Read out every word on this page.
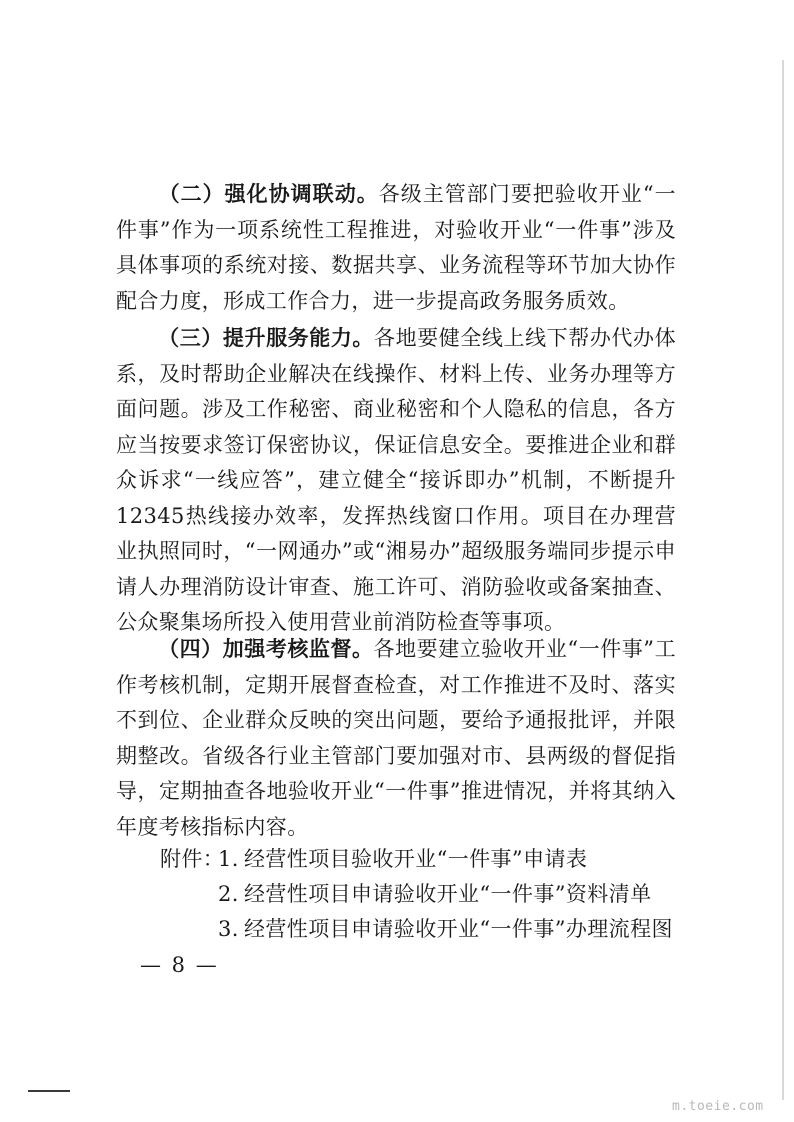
（二）强化协调联动。各级主管部门要把验收开业“一件事”作为一项系统性工程推进，对验收开业“一件事”涉及具体事项的系统对接、数据共享、业务流程等环节加大协作配合力度，形成工作合力，进一步提高政务服务质效。

（三）提升服务能力。各地要健全线上线下帮办代办体系，及时帮助企业解决在线操作、材料上传、业务办理等方面问题。涉及工作秘密、商业秘密和个人隐私的信息，各方应当按要求签订保密协议，保证信息安全。要推进企业和群众诉求“一线应答”，建立健全“接诉即办”机制，不断提升12345热线接办效率，发挥热线窗口作用。项目在办理营业执照同时，“一网通办”或“湘易办”超级服务端同步提示申请人办理消防设计审查、施工许可、消防验收或备案抽查、公众聚集场所投入使用营业前消防检查等事项。

（四）加强考核监督。各地要建立验收开业“一件事”工作考核机制，定期开展督查检查，对工作推进不及时、落实不到位、企业群众反映的突出问题，要给予通报批评，并限期整改。省级各行业主管部门要加强对市、县两级的督促指导，定期抽查各地验收开业“一件事”推进情况，并将其纳入年度考核指标内容。

附件：
1. 经营性项目验收开业“一件事”申请表
2. 经营性项目申请验收开业“一件事”资料清单
3. 经营性项目申请验收开业“一件事”办理流程图
— 8 —
m.toeie.com
